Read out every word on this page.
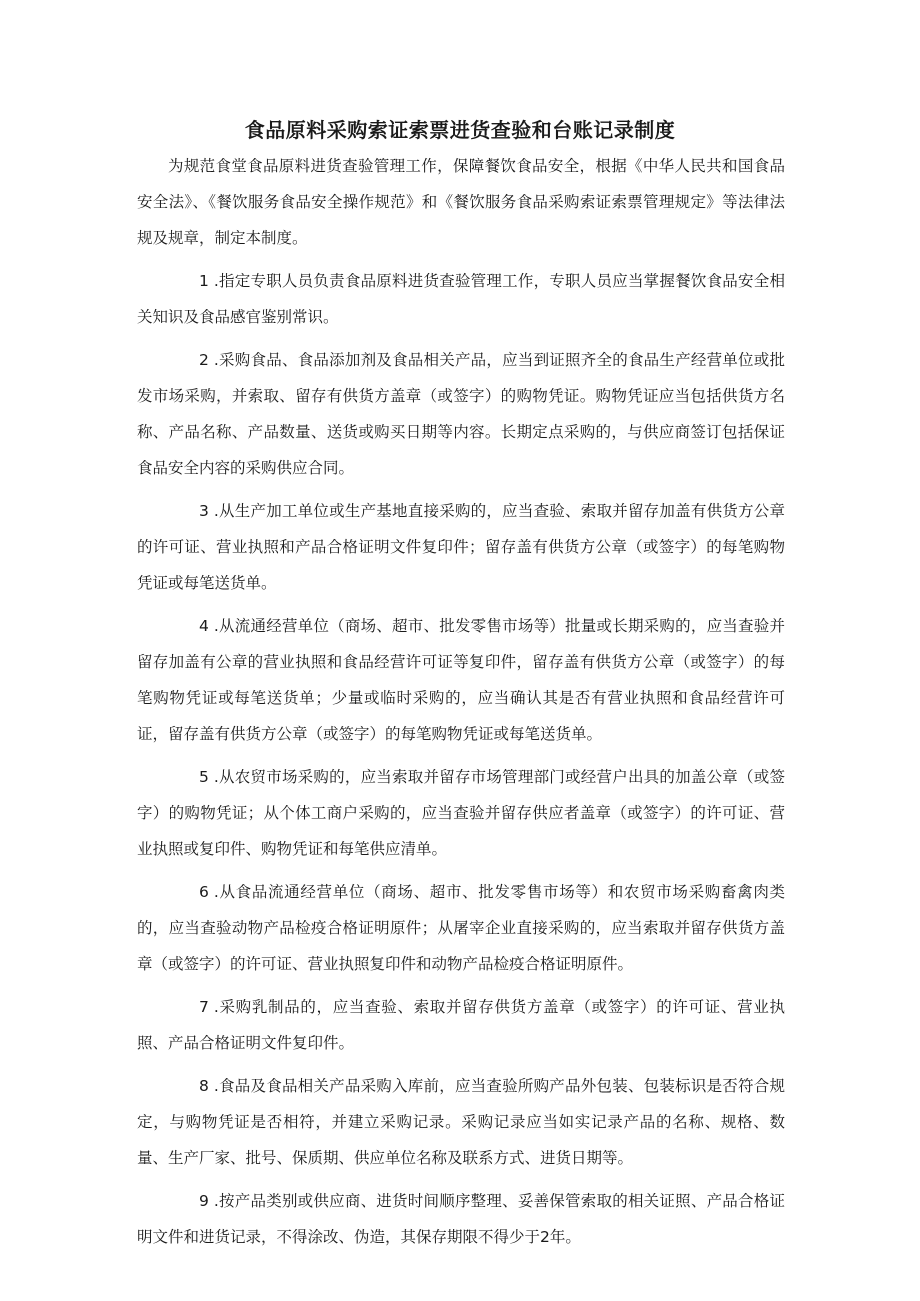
食品原料采购索证索票进货查验和台账记录制度

为规范食堂食品原料进货查验管理工作，保障餐饮食品安全，根据《中华人民共和国食品安全法》、《餐饮服务食品安全操作规范》和《餐饮服务食品采购索证索票管理规定》等法律法规及规章，制定本制度。

1 .指定专职人员负责食品原料进货查验管理工作，专职人员应当掌握餐饮食品安全相关知识及食品感官鉴别常识。

2 .采购食品、食品添加剂及食品相关产品，应当到证照齐全的食品生产经营单位或批发市场采购，并索取、留存有供货方盖章（或签字）的购物凭证。购物凭证应当包括供货方名称、产品名称、产品数量、送货或购买日期等内容。长期定点采购的，与供应商签订包括保证食品安全内容的采购供应合同。

3 .从生产加工单位或生产基地直接采购的，应当查验、索取并留存加盖有供货方公章的许可证、营业执照和产品合格证明文件复印件；留存盖有供货方公章（或签字）的每笔购物凭证或每笔送货单。

4 .从流通经营单位（商场、超市、批发零售市场等）批量或长期采购的，应当查验并留存加盖有公章的营业执照和食品经营许可证等复印件，留存盖有供货方公章（或签字）的每笔购物凭证或每笔送货单；少量或临时采购的，应当确认其是否有营业执照和食品经营许可证，留存盖有供货方公章（或签字）的每笔购物凭证或每笔送货单。

5 .从农贸市场采购的，应当索取并留存市场管理部门或经营户出具的加盖公章（或签字）的购物凭证；从个体工商户采购的，应当查验并留存供应者盖章（或签字）的许可证、营业执照或复印件、购物凭证和每笔供应清单。

6 .从食品流通经营单位（商场、超市、批发零售市场等）和农贸市场采购畜禽肉类的，应当查验动物产品检疫合格证明原件；从屠宰企业直接采购的，应当索取并留存供货方盖章（或签字）的许可证、营业执照复印件和动物产品检疫合格证明原件。

7 .采购乳制品的，应当查验、索取并留存供货方盖章（或签字）的许可证、营业执照、产品合格证明文件复印件。

8 .食品及食品相关产品采购入库前，应当查验所购产品外包装、包装标识是否符合规定，与购物凭证是否相符，并建立采购记录。采购记录应当如实记录产品的名称、规格、数量、生产厂家、批号、保质期、供应单位名称及联系方式、进货日期等。

9 .按产品类别或供应商、进货时间顺序整理、妥善保管索取的相关证照、产品合格证明文件和进货记录，不得涂改、伪造，其保存期限不得少于2年。
